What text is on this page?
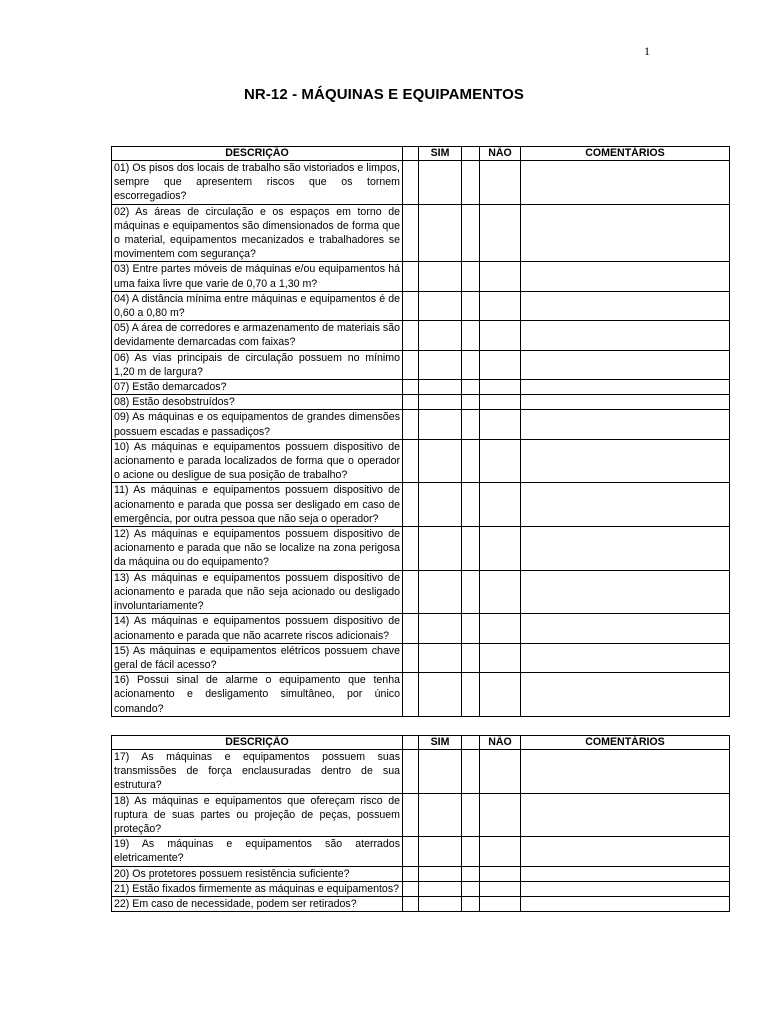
1
NR-12 - MÁQUINAS E EQUIPAMENTOS
DESCRIÇÃO		SIM		NÃO	COMENTÁRIOS
01) Os pisos dos locais de trabalho são vistoriados e limpos, sempre que apresentem riscos que os tornem escorregadios?					
02) As áreas de circulação e os espaços em torno de máquinas e equipamentos são dimensionados de forma que o material, equipamentos mecanizados e trabalhadores se movimentem com segurança?					
03) Entre partes móveis de máquinas e/ou equipamentos há uma faixa livre que varie de 0,70 a 1,30 m?					
04) A distância mínima entre máquinas e equipamentos é de 0,60 a 0,80 m?					
05) A área de corredores e armazenamento de materiais são devidamente demarcadas com faixas?					
06) As vias principais de circulação possuem no mínimo 1,20 m de largura?					
07) Estão demarcados?					
08) Estão desobstruídos?					
09) As máquinas e os equipamentos de grandes dimensões possuem escadas e passadiços?					
10) As máquinas e equipamentos possuem dispositivo de acionamento e parada localizados de forma que o operador o acione ou desligue de sua posição de trabalho?					
11) As máquinas e equipamentos possuem dispositivo de acionamento e parada que possa ser desligado em caso de emergência, por outra pessoa que não seja o operador?					
12) As máquinas e equipamentos possuem dispositivo de acionamento e parada que não se localize na zona perigosa da máquina ou do equipamento?					
13) As máquinas e equipamentos possuem dispositivo de acionamento e parada que não seja acionado ou desligado involuntariamente?					
14) As máquinas e equipamentos possuem dispositivo de acionamento e parada que não acarrete riscos adicionais?					
15) As máquinas e equipamentos elétricos possuem chave geral de fácil acesso?					
16) Possui sinal de alarme o equipamento que tenha acionamento e desligamento simultâneo, por único comando?					
DESCRIÇÃO		SIM		NÃO	COMENTÁRIOS
17) As máquinas e equipamentos possuem suas transmissões de força enclausuradas dentro de sua estrutura?					
18) As máquinas e equipamentos que ofereçam risco de ruptura de suas partes ou projeção de peças, possuem proteção?					
19) As máquinas e equipamentos são aterrados eletricamente?					
20) Os protetores possuem resistência suficiente?					
21) Estão fixados firmemente as máquinas e equipamentos?					
22) Em caso de necessidade, podem ser retirados?					
